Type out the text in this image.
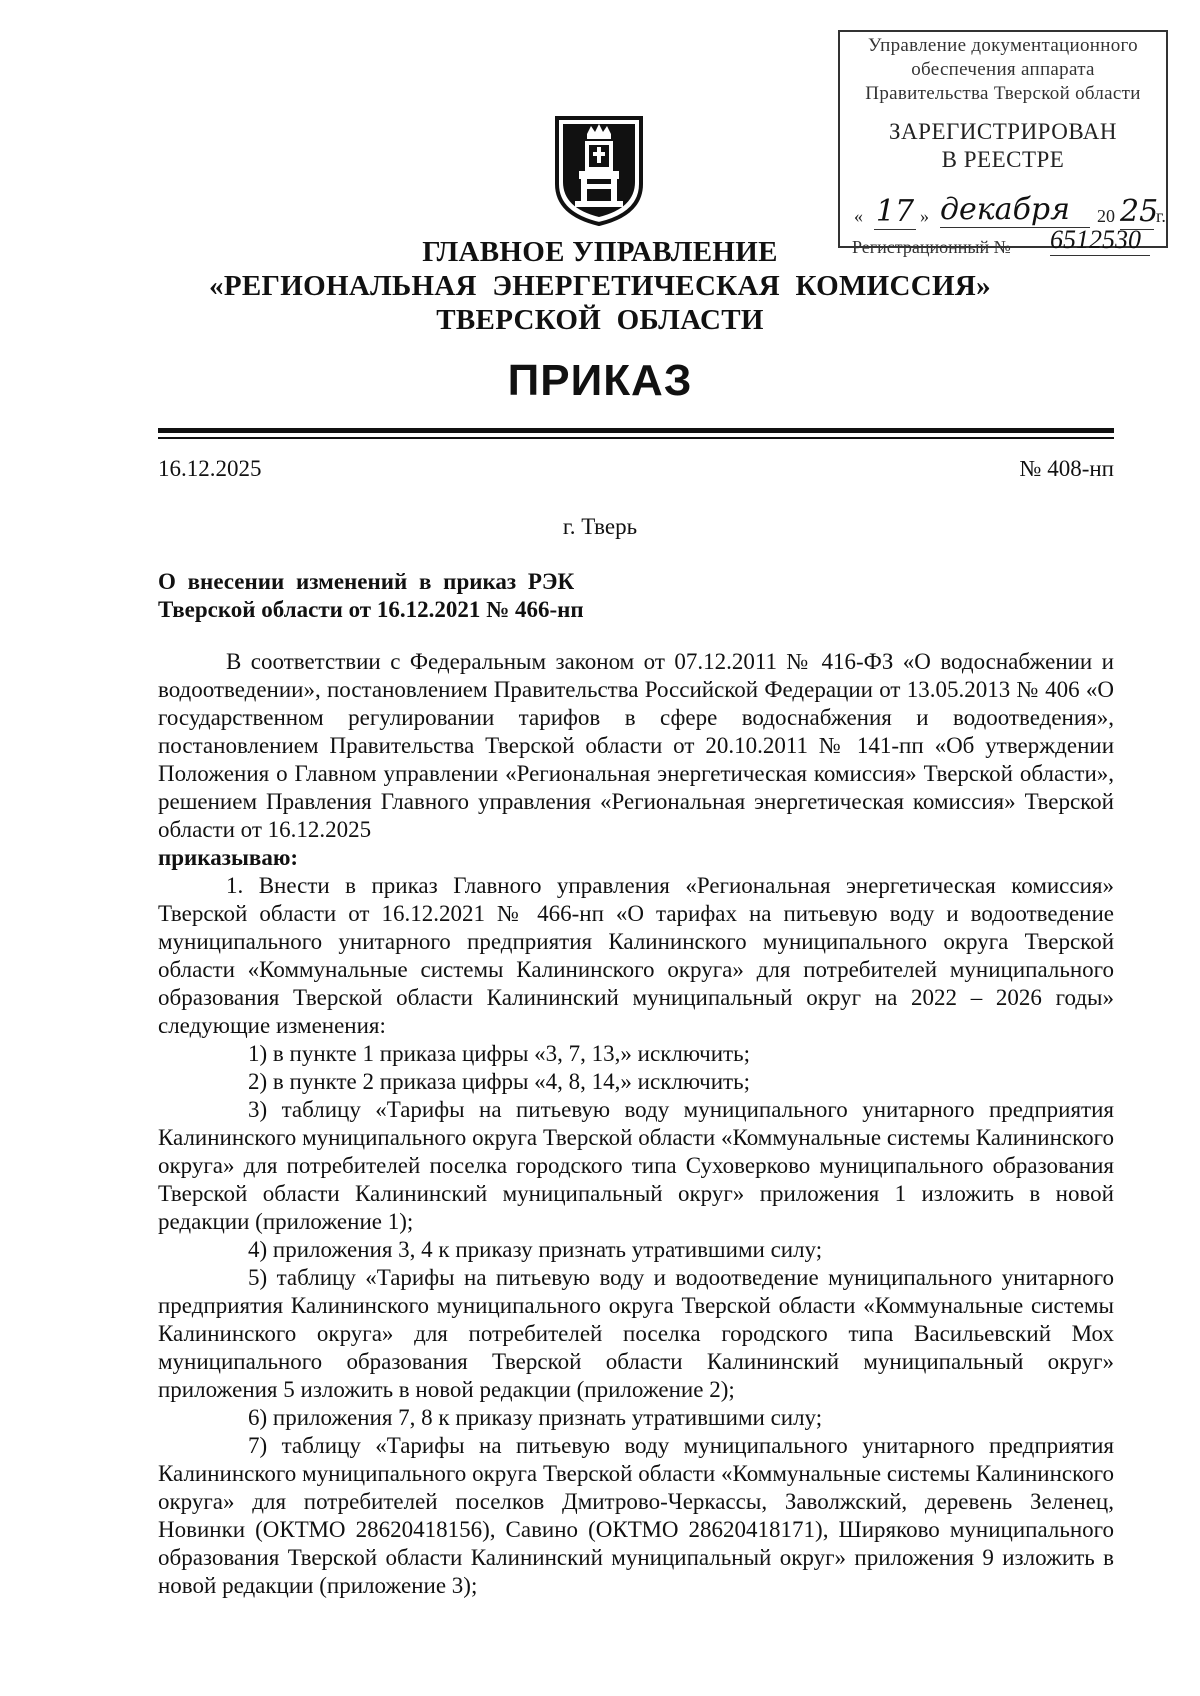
Управление документационного
обеспечения аппарата
Правительства Тверской области
ЗАРЕГИСТРИРОВАН
В РЕЕСТРЕ
« 17 » декабря	20 25
г.
Регистрационный № 6512530
ГЛАВНОЕ УПРАВЛЕНИЕ
«РЕГИОНАЛЬНАЯ ЭНЕРГЕТИЧЕСКАЯ КОМИССИЯ»
ТВЕРСКОЙ ОБЛАСТИ
ПРИКАЗ
16.12.2025	№ 408-нп
г. Тверь
О внесении изменений в приказ РЭК
Тверской области от 16.12.2021 № 466-нп

В соответствии с Федеральным законом от 07.12.2011 № 416-ФЗ «О водоснабжении и водоотведении», постановлением Правительства Российской Федерации от 13.05.2013 № 406 «О государственном регулировании тарифов в сфере водоснабжения и водоотведения», постановлением Правительства Тверской области от 20.10.2011 № 141-пп «Об утверждении Положения о Главном управлении «Региональная энергетическая комиссия» Тверской области», решением Правления Главного управления «Региональная энергетическая комиссия» Тверской области от 16.12.2025

приказываю:

1. Внести в приказ Главного управления «Региональная энергетическая комиссия» Тверской области от 16.12.2021 № 466-нп «О тарифах на питьевую воду и водоотведение муниципального унитарного предприятия Калининского муниципального округа Тверской области «Коммунальные системы Калининского округа» для потребителей муниципального образования Тверской области Калининский муниципальный округ на 2022 – 2026 годы» следующие изменения:

1) в пункте 1 приказа цифры «3, 7, 13,» исключить;

2) в пункте 2 приказа цифры «4, 8, 14,» исключить;

3) таблицу «Тарифы на питьевую воду муниципального унитарного предприятия Калининского муниципального округа Тверской области «Коммунальные системы Калининского округа» для потребителей поселка городского типа Суховерково муниципального образования Тверской области Калининский муниципальный округ» приложения 1 изложить в новой редакции (приложение 1);

4) приложения 3, 4 к приказу признать утратившими силу;

5) таблицу «Тарифы на питьевую воду и водоотведение муниципального унитарного предприятия Калининского муниципального округа Тверской области «Коммунальные системы Калининского округа» для потребителей поселка городского типа Васильевский Мох муниципального образования Тверской области Калининский муниципальный округ» приложения 5 изложить в новой редакции (приложение 2);

6) приложения 7, 8 к приказу признать утратившими силу;

7) таблицу «Тарифы на питьевую воду муниципального унитарного предприятия Калининского муниципального округа Тверской области «Коммунальные системы Калининского округа» для потребителей поселков Дмитрово-Черкассы, Заволжский, деревень Зеленец, Новинки (ОКТМО 28620418156), Савино (ОКТМО 28620418171), Ширяково муниципального образования Тверской области Калининский муниципальный округ» приложения 9 изложить в новой редакции (приложение 3);
